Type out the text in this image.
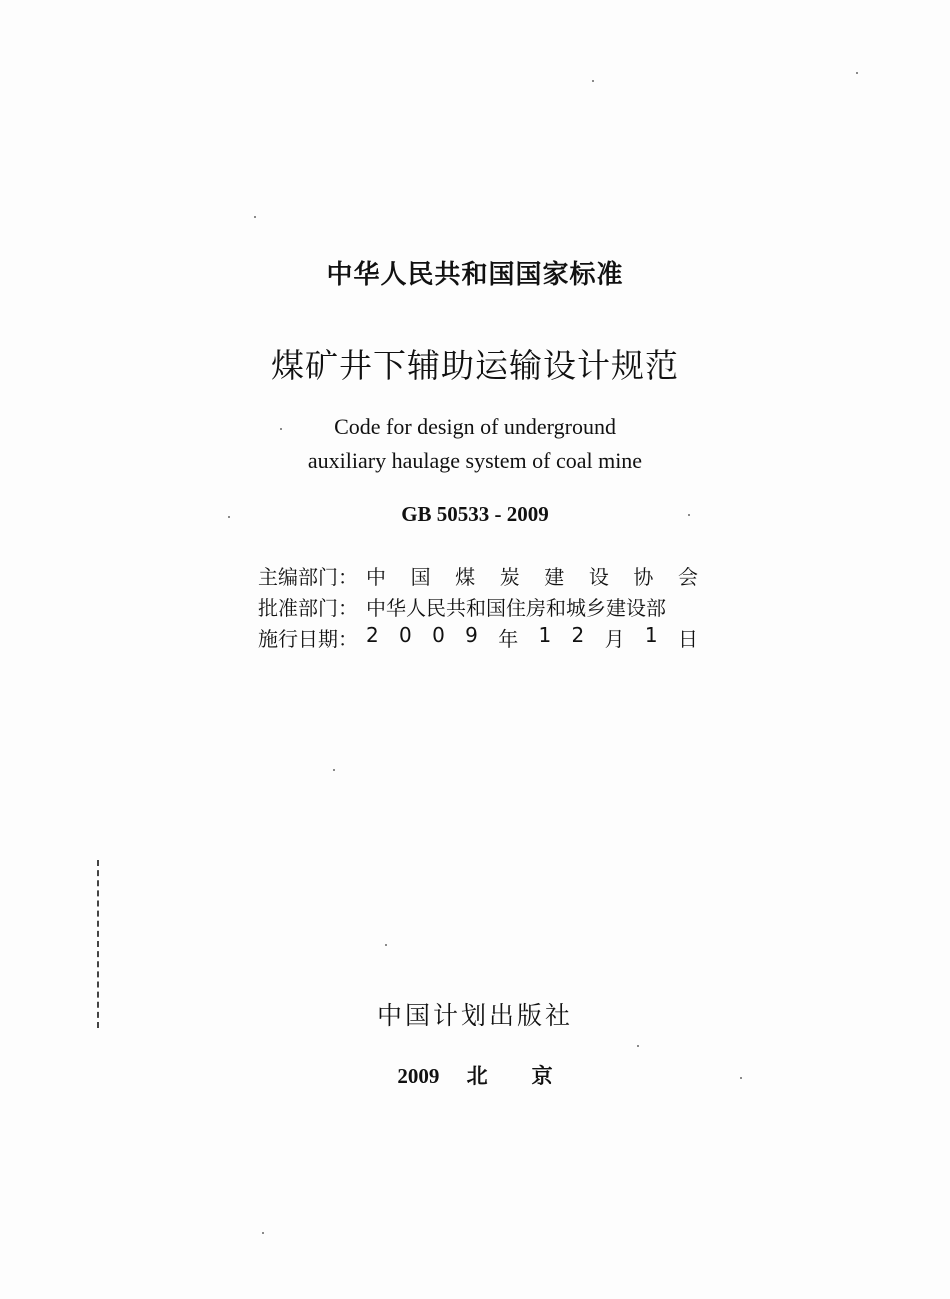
中华人民共和国国家标准
煤矿井下辅助运输设计规范
Code for design of underground
auxiliary haulage system of coal mine
GB 50533 - 2009
主编部门： 中 国 煤 炭 建 设 协 会
批准部门： 中华人民共和国住房和城乡建设部
施行日期： 2 0 0 9 年 1 2 月 1 日
中国计划出版社
2009 北 京
